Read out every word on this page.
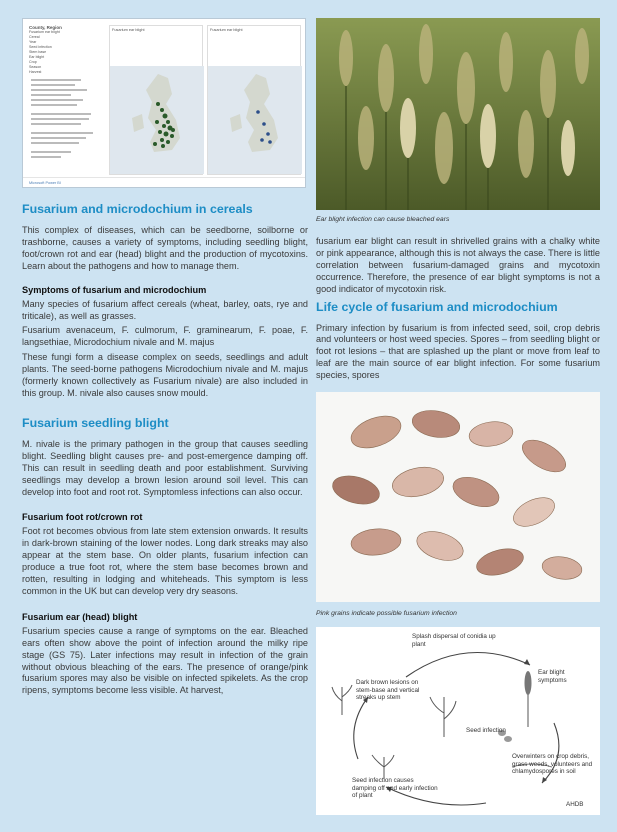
County, Region
Fusarium ear blight
Cereal
Year
Seed infection
Stem base
Ear blight
Crop
Season
Harvest
Fusarium ear blight	Fusarium ear blight
Microsoft Power BI
Fusarium and microdochium in cereals

This complex of diseases, which can be seedborne, soilborne or trashborne, causes a variety of symptoms, including seedling blight, foot/crown rot and ear (head) blight and the production of mycotoxins. Learn about the pathogens and how to manage them.

Symptoms of fusarium and microdochium

Many species of fusarium affect cereals (wheat, barley, oats, rye and triticale), as well as grasses.

Fusarium avenaceum, F. culmorum, F. graminearum, F. poae, F. langsethiae, Microdochium nivale and M. majus

These fungi form a disease complex on seeds, seedlings and adult plants. The seed-borne pathogens Microdochium nivale and M. majus (formerly known collectively as Fusarium nivale) are also included in this group. M. nivale also causes snow mould.

Fusarium seedling blight

M. nivale is the primary pathogen in the group that causes seedling blight. Seedling blight causes pre- and post-emergence damping off. This can result in seedling death and poor establishment. Surviving seedlings may develop a brown lesion around soil level. This can develop into foot and root rot. Symptomless infections can also occur.

Fusarium foot rot/crown rot

Foot rot becomes obvious from late stem extension onwards. It results in dark-brown staining of the lower nodes. Long dark streaks may also appear at the stem base. On older plants, fusarium infection can produce a true foot rot, where the stem base becomes brown and rotten, resulting in lodging and whiteheads. This symptom is less common in the UK but can develop very dry seasons.

Fusarium ear (head) blight

Fusarium species cause a range of symptoms on the ear. Bleached ears often show above the point of infection around the milky ripe stage (GS 75). Later infections may result in infection of the grain without obvious bleaching of the ears. The presence of orange/pink fusarium spores may also be visible on infected spikelets. As the crop ripens, symptoms become less visible. At harvest,

Ear blight infection can cause bleached ears

fusarium ear blight can result in shrivelled grains with a chalky white or pink appearance, although this is not always the case. There is little correlation between fusarium-damaged grains and mycotoxin occurrence. Therefore, the presence of ear blight symptoms is not a good indicator of mycotoxin risk.

Life cycle of fusarium and microdochium

Primary infection by fusarium is from infected seed, soil, crop debris and volunteers or host weed species. Spores – from seedling blight or foot rot lesions – that are splashed up the plant or move from leaf to leaf are the main source of ear blight infection. For some fusarium species, spores

Pink grains indicate possible fusarium infection
Splash dispersal of conidia up plant
Ear blight symptoms
Dark brown lesions on stem-base and vertical streaks up stem
Seed infection
Overwinters on crop debris, grass weeds, volunteers and chlamydospores in soil
Seed infection causes damping off and early infection of plant
AHDB
